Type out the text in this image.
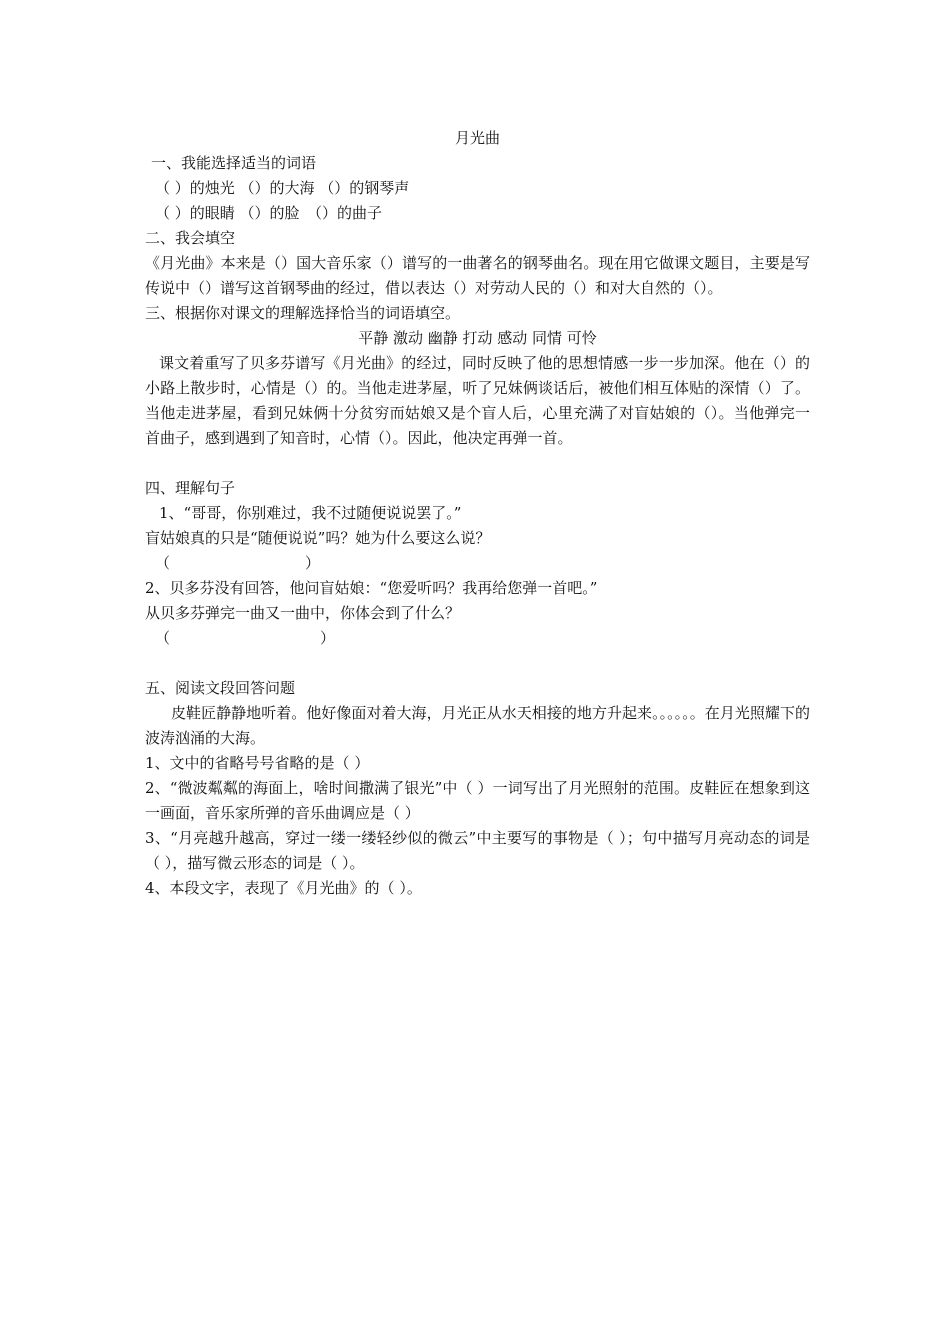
月光曲
一、我能选择适当的词语
（ ）的烛光 （）的大海 （）的钢琴声
（ ）的眼睛 （）的脸　（）的曲子
二、我会填空
《月光曲》本来是（）国大音乐家（）谱写的一曲著名的钢琴曲名。现在用它做课文题目，主要是写传说中（）谱写这首钢琴曲的经过，借以表达（）对劳动人民的（）和对大自然的（）。
三、根据你对课文的理解选择恰当的词语填空。
平静 激动 幽静 打动 感动 同情 可怜
课文着重写了贝多芬谱写《月光曲》的经过，同时反映了他的思想情感一步一步加深。他在（）的小路上散步时，心情是（）的。当他走进茅屋，听了兄妹俩谈话后，被他们相互体贴的深情（）了。当他走进茅屋，看到兄妹俩十分贫穷而姑娘又是个盲人后，心里充满了对盲姑娘的（）。当他弹完一首曲子，感到遇到了知音时，心情（）。因此，他决定再弹一首。
四、理解句子
1、“哥哥，你别难过，我不过随便说说罢了。”
盲姑娘真的只是“随便说说”吗？她为什么要这么说？
（　　　　　　　　　）
2、贝多芬没有回答，他问盲姑娘：“您爱听吗？我再给您弹一首吧。”
从贝多芬弹完一曲又一曲中，你体会到了什么？
（　　　　　　　　　　）
五、阅读文段回答问题
皮鞋匠静静地听着。他好像面对着大海，月光正从水天相接的地方升起来。。。。。。在月光照耀下的波涛汹涌的大海。
1、文中的省略号号省略的是（ ）
2、“微波粼粼的海面上，啥时间撒满了银光”中（ ）一词写出了月光照射的范围。皮鞋匠在想象到这一画面，音乐家所弹的音乐曲调应是（ ）
3、“月亮越升越高，穿过一缕一缕轻纱似的微云”中主要写的事物是（ ）；句中描写月亮动态的词是（ ），描写微云形态的词是（ ）。
4、本段文字，表现了《月光曲》的（ ）。
